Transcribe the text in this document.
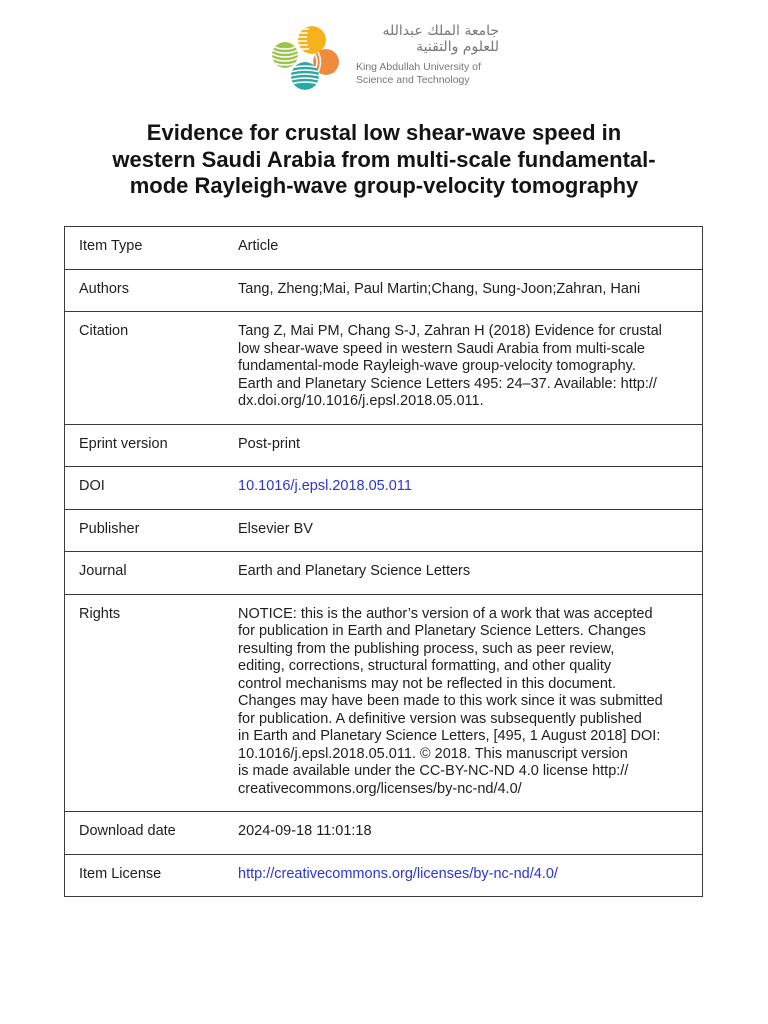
جامعة الملك عبدالله
للعلوم والتقنية
King Abdullah University of
Science and Technology
Evidence for crustal low shear-wave speed in
western Saudi Arabia from multi-scale fundamental-
mode Rayleigh-wave group-velocity tomography
Item Type	Article
Authors	Tang, Zheng;Mai, Paul Martin;Chang, Sung-Joon;Zahran, Hani
Citation	Tang Z, Mai PM, Chang S-J, Zahran H (2018) Evidence for crustal
low shear-wave speed in western Saudi Arabia from multi-scale
fundamental-mode Rayleigh-wave group-velocity tomography.
Earth and Planetary Science Letters 495: 24–37. Available: http://
dx.doi.org/10.1016/j.epsl.2018.05.011.
Eprint version	Post-print
DOI	10.1016/j.epsl.2018.05.011
Publisher	Elsevier BV
Journal	Earth and Planetary Science Letters
Rights	NOTICE: this is the author’s version of a work that was accepted
for publication in Earth and Planetary Science Letters. Changes
resulting from the publishing process, such as peer review,
editing, corrections, structural formatting, and other quality
control mechanisms may not be reflected in this document.
Changes may have been made to this work since it was submitted
for publication. A definitive version was subsequently published
in Earth and Planetary Science Letters, [495, 1 August 2018] DOI:
10.1016/j.epsl.2018.05.011. © 2018. This manuscript version
is made available under the CC-BY-NC-ND 4.0 license http://
creativecommons.org/licenses/by-nc-nd/4.0/
Download date	2024-09-18 11:01:18
Item License	http://creativecommons.org/licenses/by-nc-nd/4.0/
